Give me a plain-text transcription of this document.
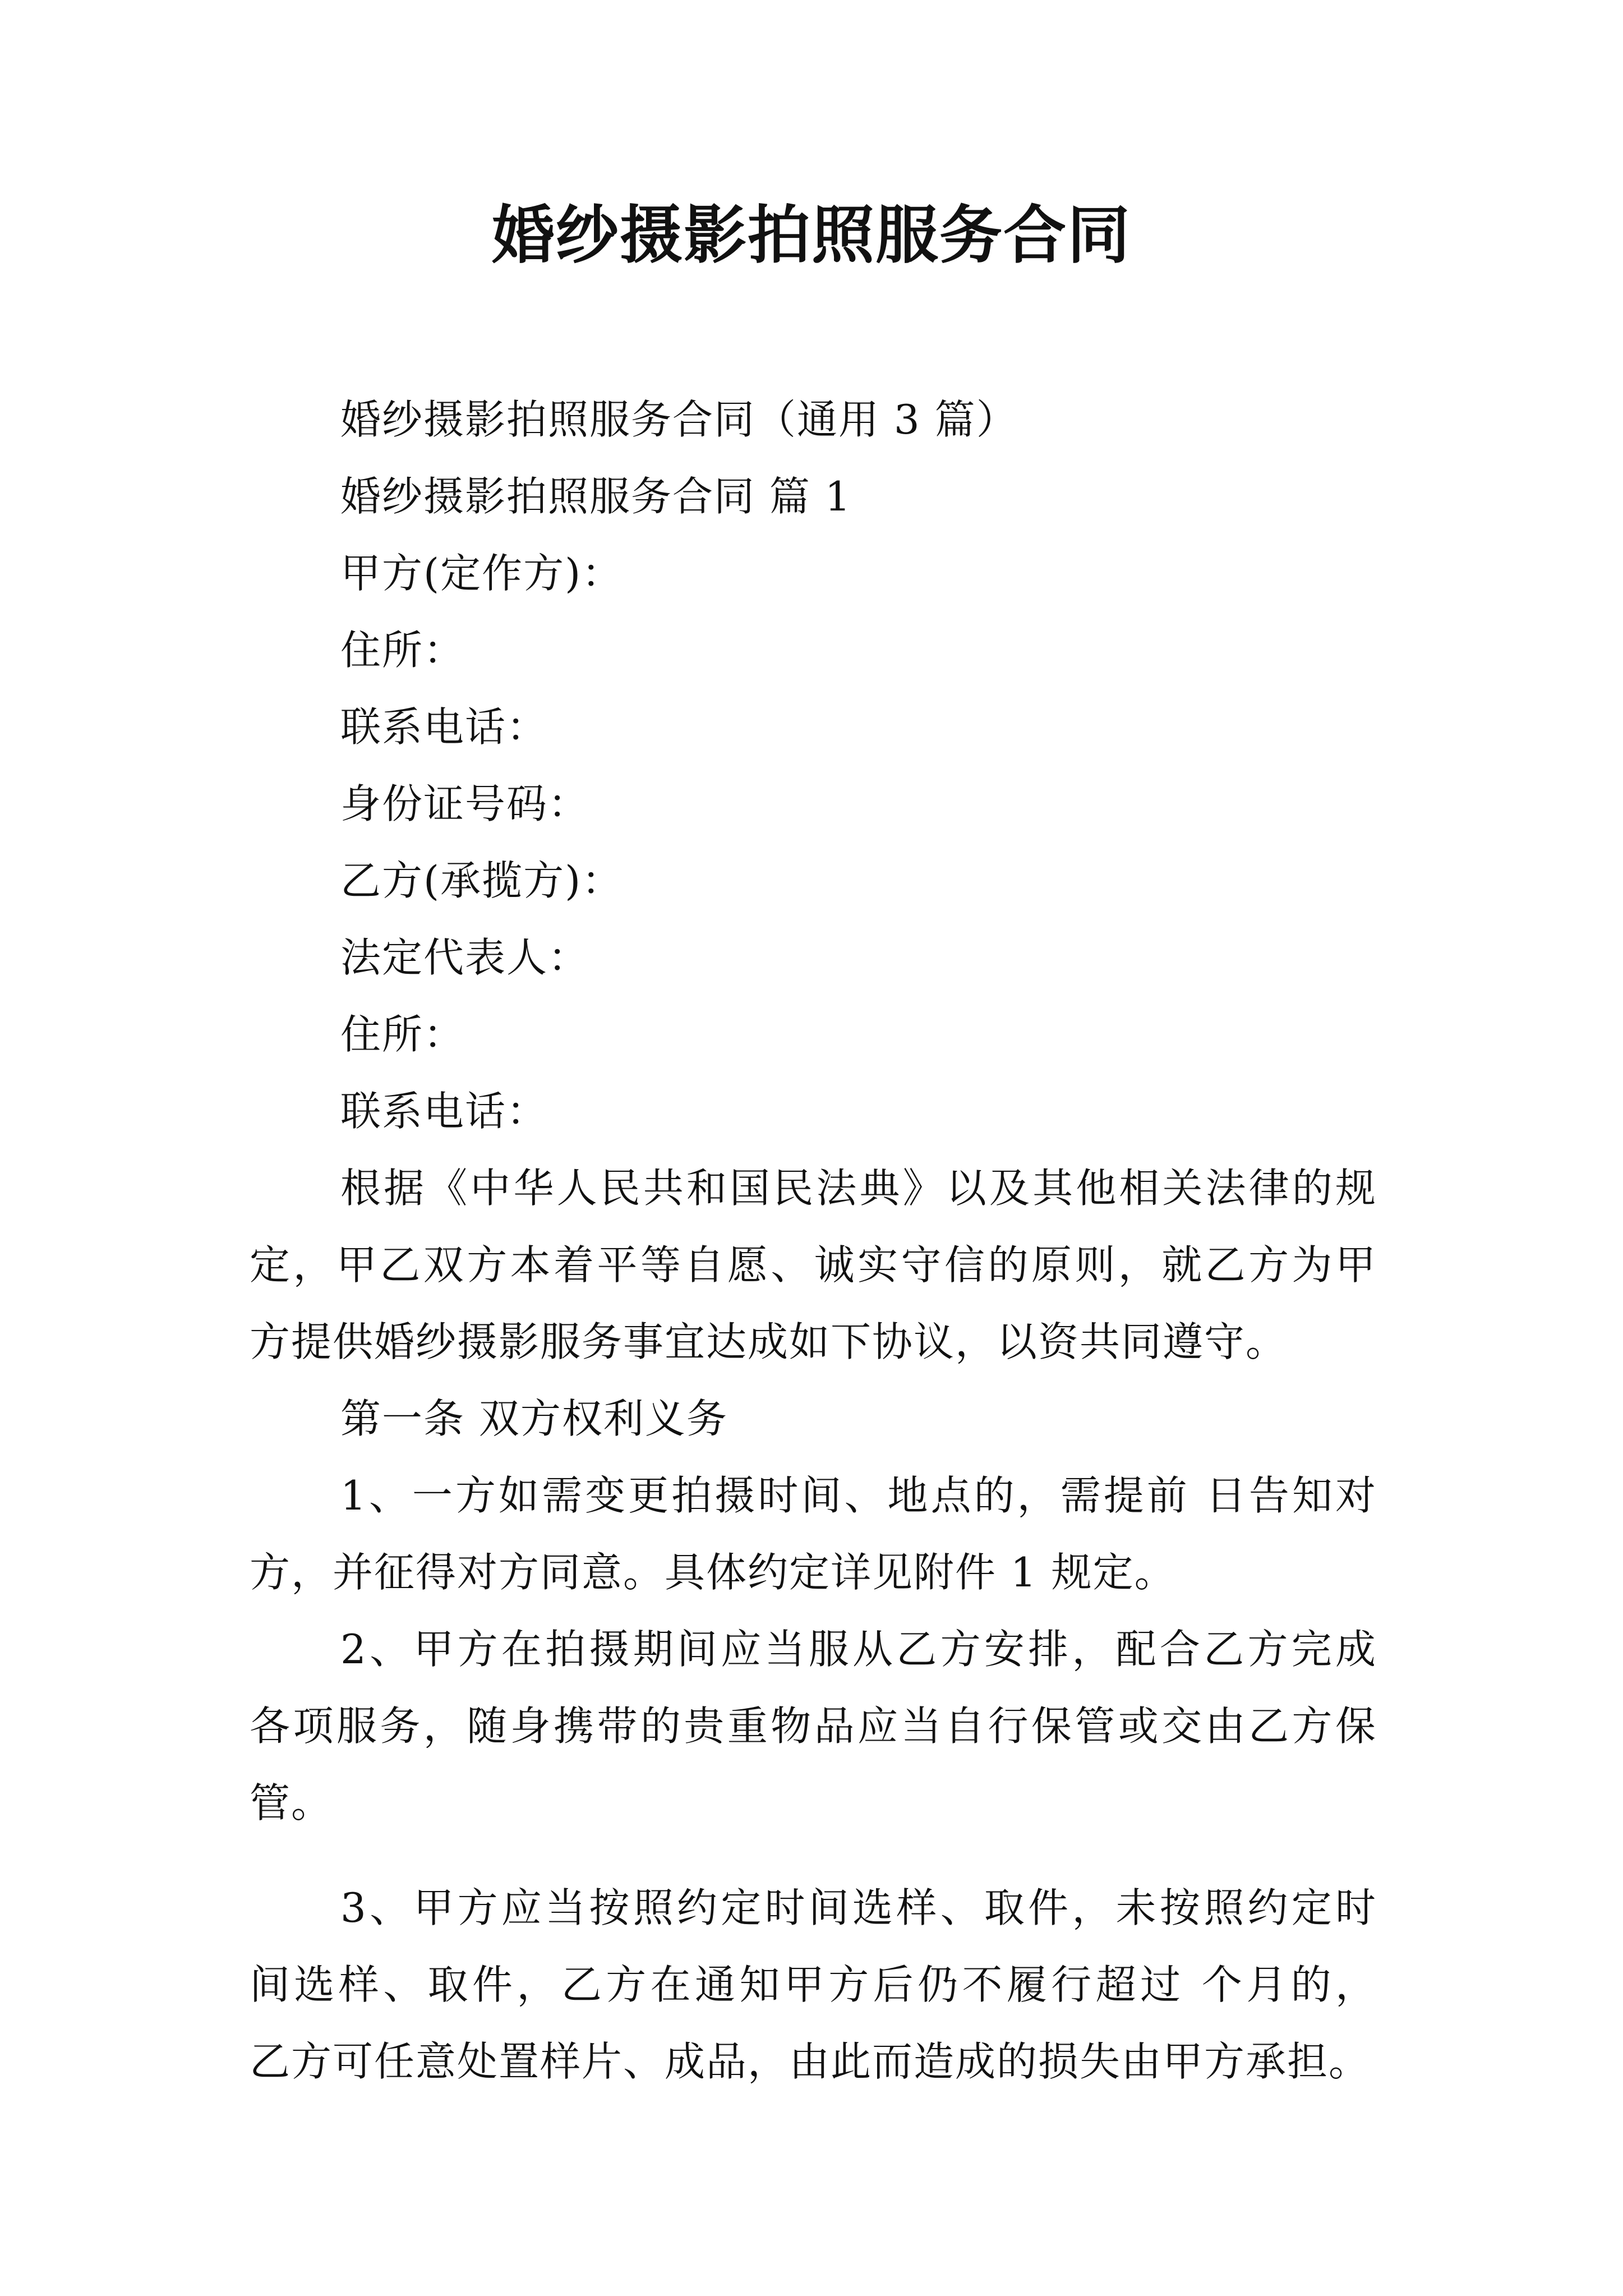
婚纱摄影拍照服务合同
婚纱摄影拍照服务合同（通用 3 篇）
婚纱摄影拍照服务合同 篇 1
甲方(定作方)：
住所：
联系电话：
身份证号码：
乙方(承揽方)：
法定代表人：
住所：
联系电话：
根据《中华人民共和国民法典》以及其他相关法律的规
定，甲乙双方本着平等自愿、诚实守信的原则，就乙方为甲
方提供婚纱摄影服务事宜达成如下协议，以资共同遵守。
第一条 双方权利义务
1、一方如需变更拍摄时间、地点的，需提前 日告知对
方，并征得对方同意。具体约定详见附件 1 规定。
2、甲方在拍摄期间应当服从乙方安排，配合乙方完成
各项服务，随身携带的贵重物品应当自行保管或交由乙方保
管。
3、甲方应当按照约定时间选样、取件，未按照约定时
间选样、取件，乙方在通知甲方后仍不履行超过 个月的，
乙方可任意处置样片、成品，由此而造成的损失由甲方承担。
